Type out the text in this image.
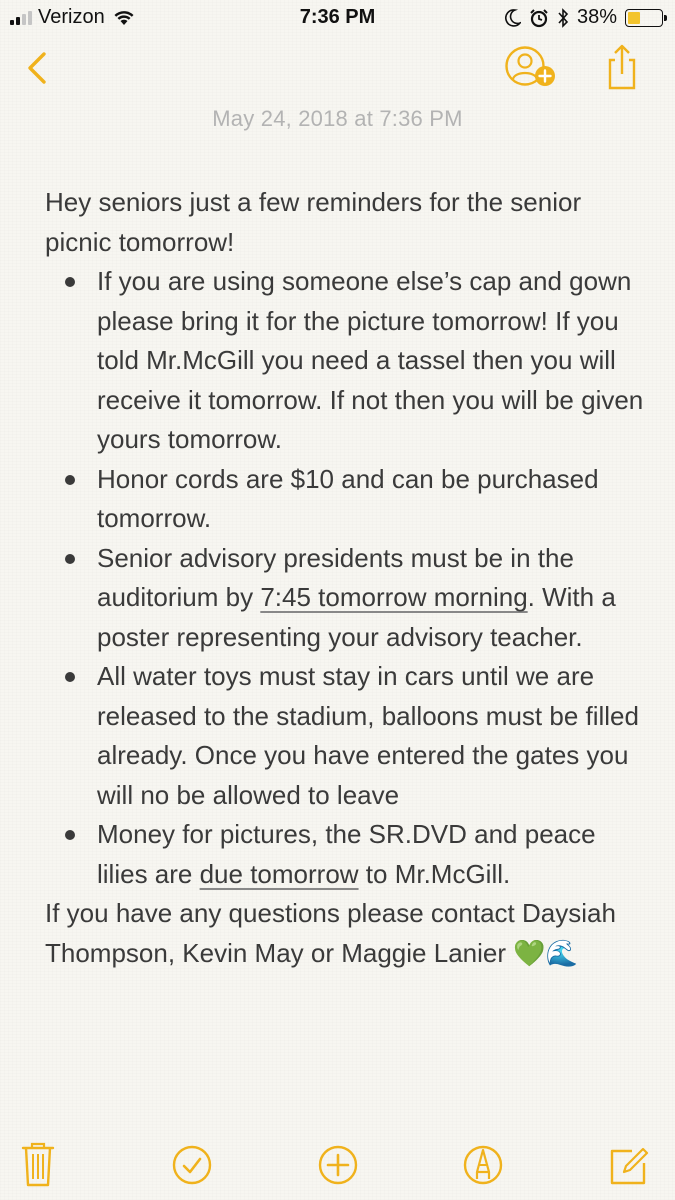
Verizon	7:36 PM	38%
May 24, 2018 at 7:36 PM

Hey seniors just a few reminders for the senior picnic tomorrow!

If you are using someone else’s cap and gown please bring it for the picture tomorrow! If you told Mr.McGill you need a tassel then you will receive it tomorrow. If not then you will be given yours tomorrow.
Honor cords are $10 and can be purchased tomorrow.
Senior advisory presidents must be in the auditorium by 7:45 tomorrow morning. With a poster representing your advisory teacher.
All water toys must stay in cars until we are released to the stadium, balloons must be filled already. Once you have entered the gates you will no be allowed to leave
Money for pictures, the SR.DVD and peace lilies are due tomorrow to Mr.McGill.

If you have any questions please contact Daysiah Thompson, Kevin May or Maggie Lanier 💚🌊
